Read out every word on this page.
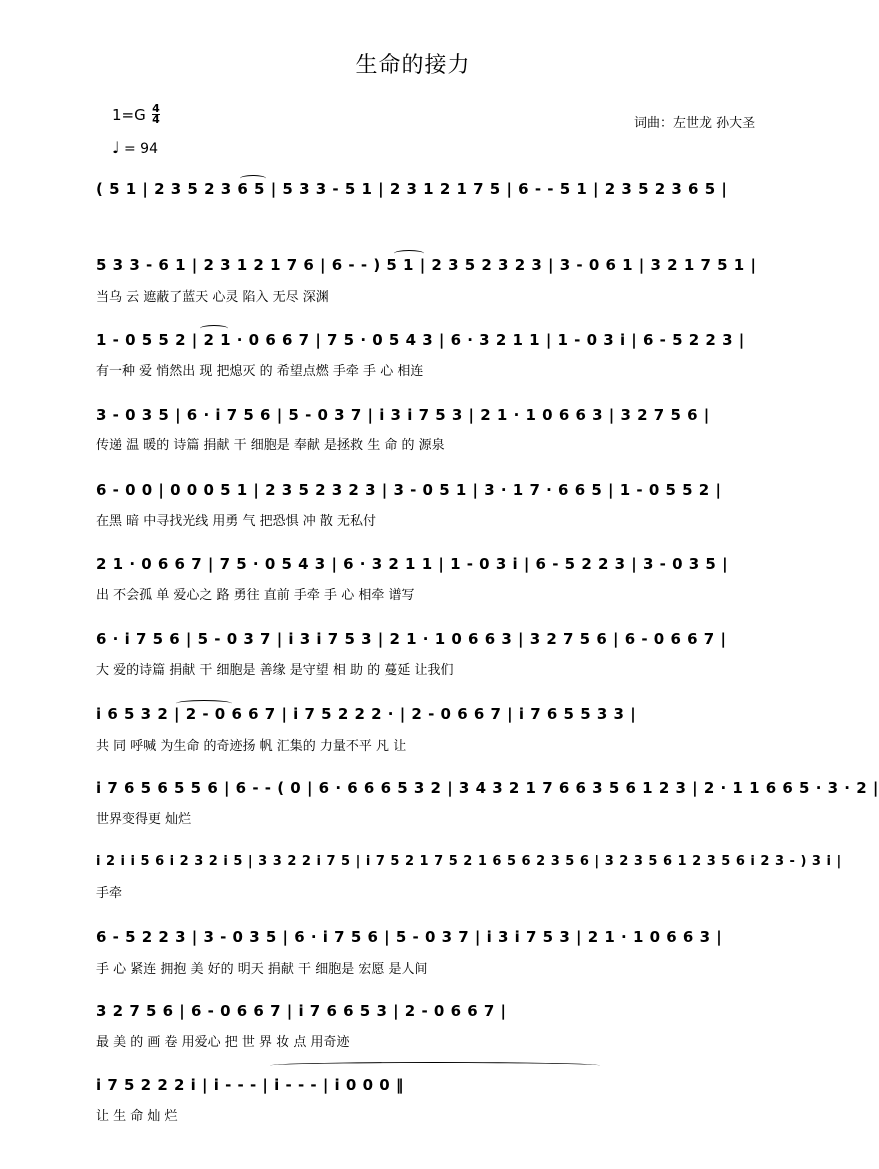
生命的接力
1=G 4
4
♩ = 94
词曲：左世龙 孙大圣
( 5 1 | 2 3 5 2 3 6 5 | 5 3 3 - 5 1 | 2 3 1 2 1 7 5 | 6 - - 5 1 | 2 3 5 2 3 6 5 |
5 3 3 - 6 1 | 2 3 1 2 1 7 6 | 6 - - ) 5 1 | 2 3 5 2 3 2 3 | 3 - 0 6 1 | 3 2 1 7 5 1 |
当乌 云 遮蔽了蓝天 心灵 陷入 无尽 深渊
1 - 0 5 5 2 | 2 1 · 0 6 6 7 | 7 5 · 0 5 4 3 | 6 · 3 2 1 1 | 1 - 0 3 i | 6 - 5 2 2 3 |
有一种 爱 悄然出 现 把熄灭 的 希望点燃 手牵 手 心 相连
3 - 0 3 5 | 6 · i 7 5 6 | 5 - 0 3 7 | i 3 i 7 5 3 | 2 1 · 1 0 6 6 3 | 3 2 7 5 6 |
传递 温 暖的 诗篇 捐献 干 细胞是 奉献 是拯救 生 命 的 源泉
6 - 0 0 | 0 0 0 5 1 | 2 3 5 2 3 2 3 | 3 - 0 5 1 | 3 · 1 7 · 6 6 5 | 1 - 0 5 5 2 |
在黑 暗 中寻找光线 用勇 气 把恐惧 冲 散 无私付
2 1 · 0 6 6 7 | 7 5 · 0 5 4 3 | 6 · 3 2 1 1 | 1 - 0 3 i | 6 - 5 2 2 3 | 3 - 0 3 5 |
出 不会孤 单 爱心之 路 勇往 直前 手牵 手 心 相牵 谱写
6 · i 7 5 6 | 5 - 0 3 7 | i 3 i 7 5 3 | 2 1 · 1 0 6 6 3 | 3 2 7 5 6 | 6 - 0 6 6 7 |
大 爱的诗篇 捐献 干 细胞是 善缘 是守望 相 助 的 蔓延 让我们
i 6 5 3 2 | 2 - 0 6 6 7 | i 7 5 2 2 2 · | 2 - 0 6 6 7 | i 7 6 5 5 3 3 |
共 同 呼喊 为生命 的奇迹扬 帆 汇集的 力量不平 凡 让
i 7 6 5 6 5 5 6 | 6 - - ( 0 | 6 · 6 6 6 5 3 2 | 3 4 3 2 1 7 6 6 3 5 6 1 2 3 | 2 · 1 1 6 6 5 · 3 · 2 |
世界变得更 灿烂
i 2 i i 5 6 i 2 3 2 i 5 | 3 3 2 2 i 7 5 | i 7 5 2 1 7 5 2 1 6 5 6 2 3 5 6 | 3 2 3 5 6 1 2 3 5 6 i 2 3 - ) 3 i |
手牵
6 - 5 2 2 3 | 3 - 0 3 5 | 6 · i 7 5 6 | 5 - 0 3 7 | i 3 i 7 5 3 | 2 1 · 1 0 6 6 3 |
手 心 紧连 拥抱 美 好的 明天 捐献 干 细胞是 宏愿 是人间
3 2 7 5 6 | 6 - 0 6 6 7 | i 7 6 6 5 3 | 2 - 0 6 6 7 |
最 美 的 画 卷 用爱心 把 世 界 妆 点 用奇迹
i 7 5 2 2 2 i | i - - - | i - - - | i 0 0 0 ‖
让 生 命 灿 烂
